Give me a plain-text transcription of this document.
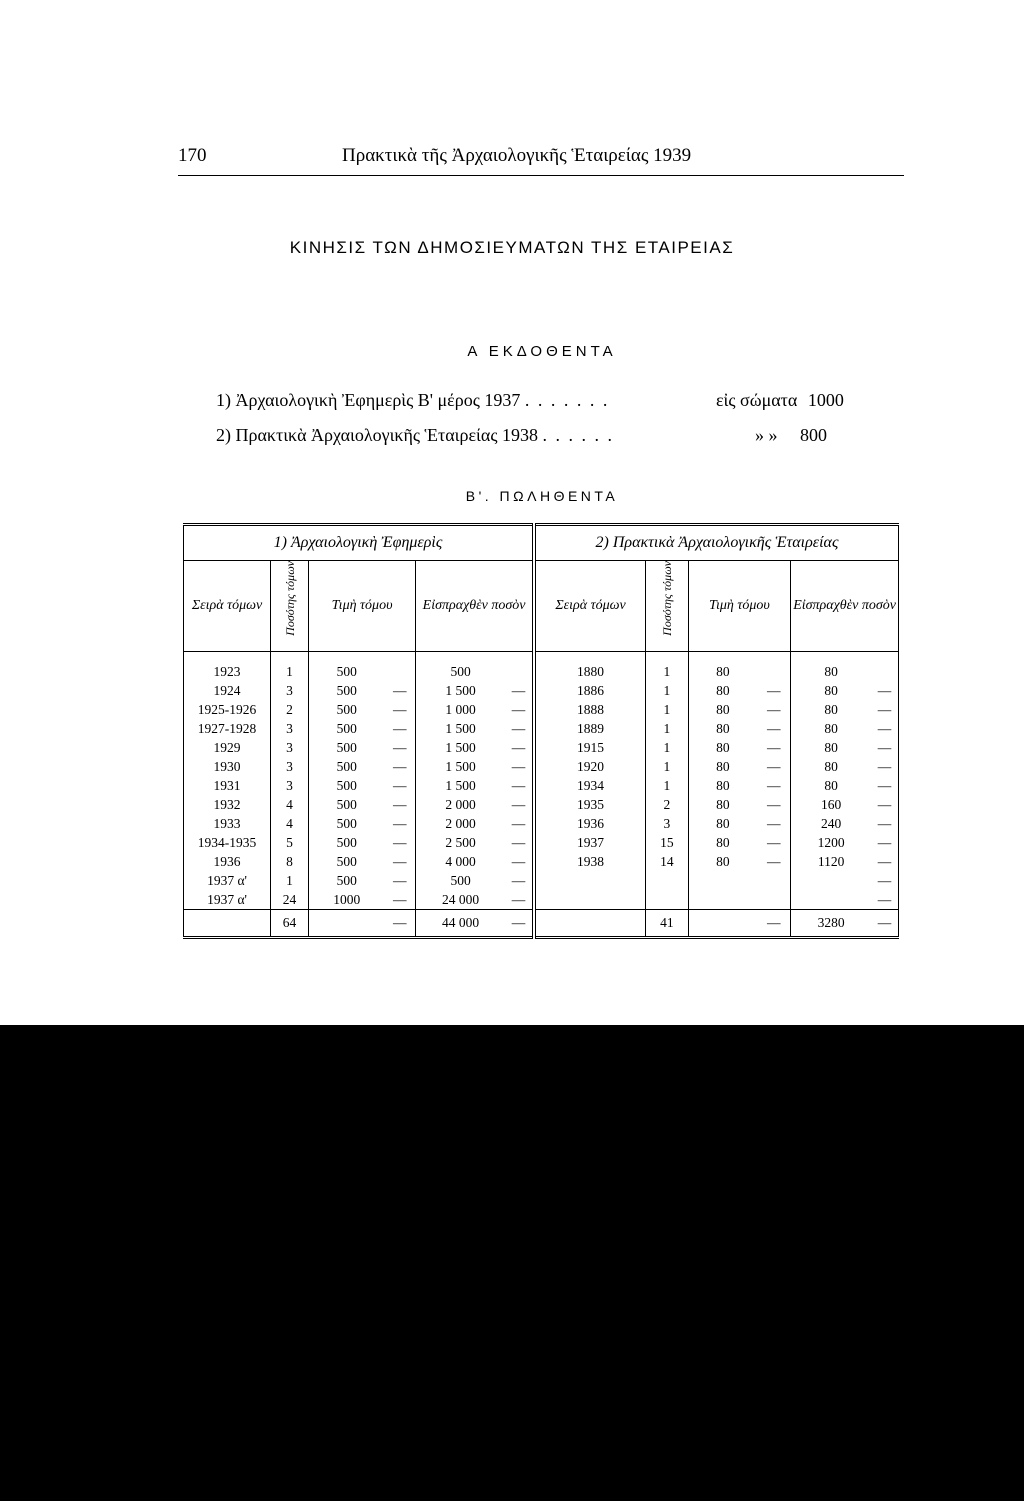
170	Πρακτικὰ τῆς Ἀρχαιολογικῆς Ἑταιρείας 1939
ΚΙΝΗΣΙΣ ΤΩΝ ΔΗΜΟΣΙΕΥΜΑΤΩΝ ΤΗΣ ΕΤΑΙΡΕΙΑΣ
Α ΕΚΔΟΘΕΝΤΑ
1) Ἀρχαιολογικὴ Ἐφημερὶς Β' μέρος 1937 . . . . . . .	εἰς σώματα 1000
2) Πρακτικὰ Ἀρχαιολογικῆς Ἑταιρείας 1938 . . . . . .	» » 800
Β'. ΠΩΛΗΘΕΝΤΑ
1) Ἀρχαιολογικὴ Ἐφημερὶς						2) Πρακτικὰ Ἀρχαιολογικῆς Ἑταιρείας					
Σειρὰ τόμων	Ποσότης τόμων	Τιμὴ τόμου		Εἰσπραχθὲν ποσὸν		Σειρὰ τόμων	Ποσότης τόμων	Τιμὴ τόμου		Εἰσπραχθὲν ποσὸν	
1923	1	500		500		1880	1	80		80	
1924	3	500	—	1 500	—	1886	1	80	—	80	—
1925-1926	2	500	—	1 000	—	1888	1	80	—	80	—
1927-1928	3	500	—	1 500	—	1889	1	80	—	80	—
1929	3	500	—	1 500	—	1915	1	80	—	80	—
1930	3	500	—	1 500	—	1920	1	80	—	80	—
1931	3	500	—	1 500	—	1934	1	80	—	80	—
1932	4	500	—	2 000	—	1935	2	80	—	160	—
1933	4	500	—	2 000	—	1936	3	80	—	240	—
1934-1935	5	500	—	2 500	—	1937	15	80	—	1200	—
1936	8	500	—	4 000	—	1938	14	80	—	1120	—
1937 α'	1	500	—	500	—						—
1937 α'	24	1000	—	24 000	—						—
	64		—	44 000	—		41		—	3280	—
